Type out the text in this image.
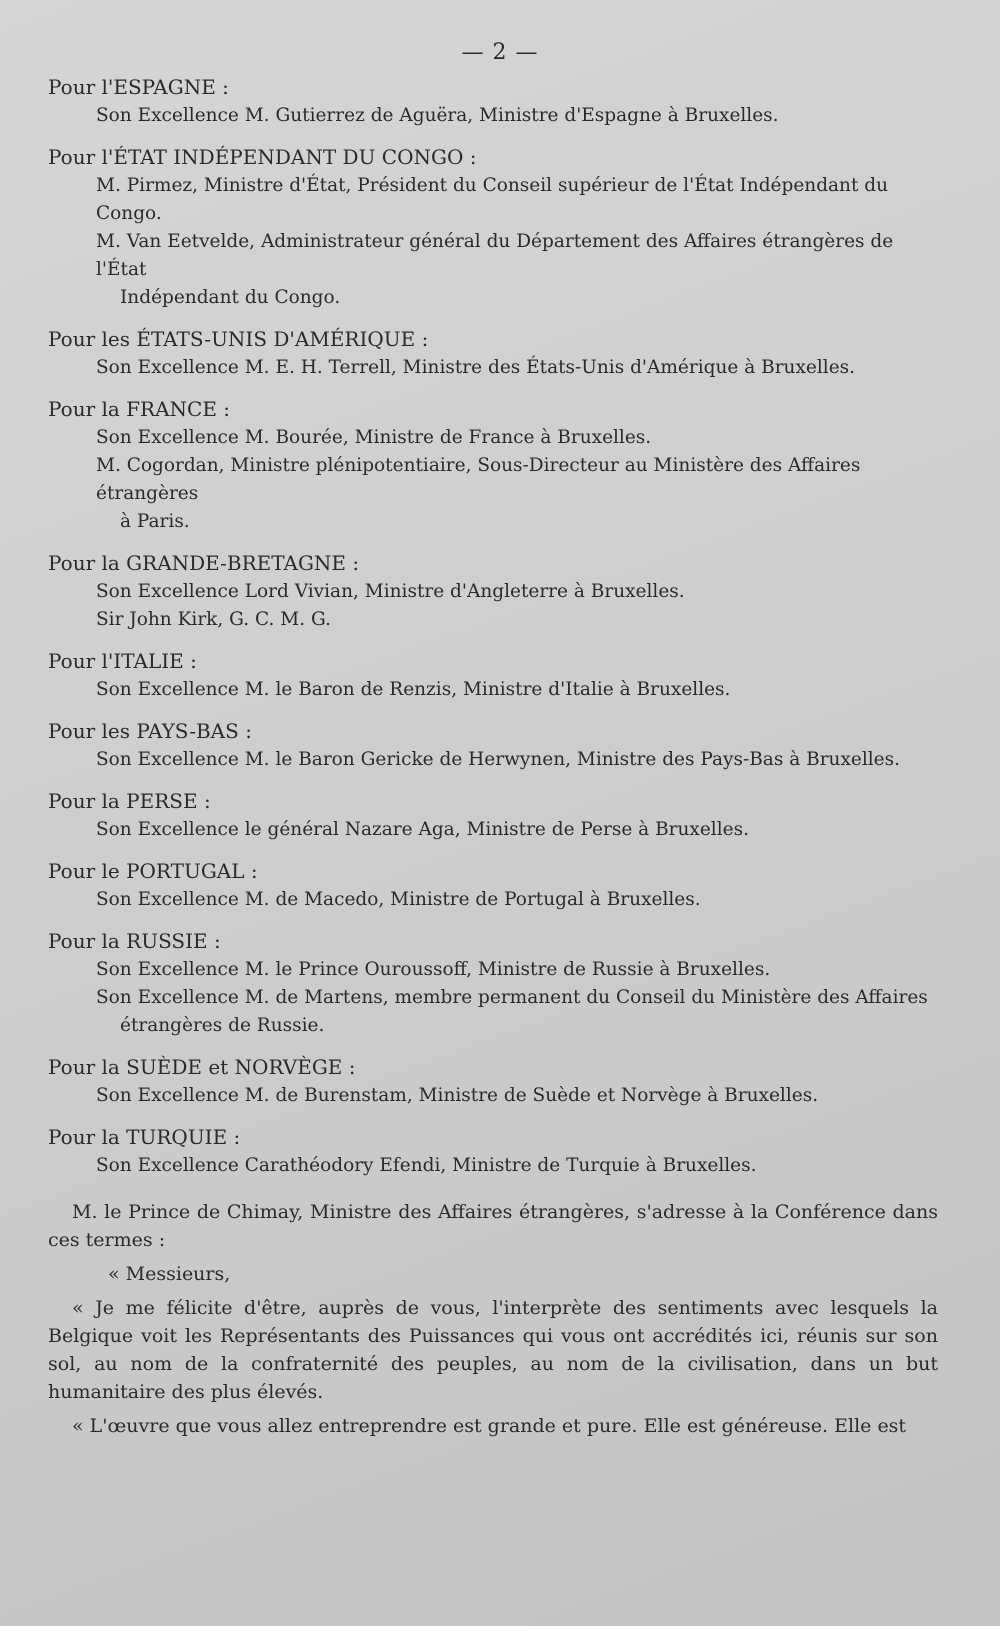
— 2 —
Pour l'ESPAGNE :
Son Excellence M. Gutierrez de Aguëra, Ministre d'Espagne à Bruxelles.
Pour l'ÉTAT INDÉPENDANT DU CONGO :
M. Pirmez, Ministre d'État, Président du Conseil supérieur de l'État Indépendant du Congo.
M. Van Eetvelde, Administrateur général du Département des Affaires étrangères de l'État
Indépendant du Congo.
Pour les ÉTATS-UNIS D'AMÉRIQUE :
Son Excellence M. E. H. Terrell, Ministre des États-Unis d'Amérique à Bruxelles.
Pour la FRANCE :
Son Excellence M. Bourée, Ministre de France à Bruxelles.
M. Cogordan, Ministre plénipotentiaire, Sous-Directeur au Ministère des Affaires étrangères
à Paris.
Pour la GRANDE-BRETAGNE :
Son Excellence Lord Vivian, Ministre d'Angleterre à Bruxelles.
Sir John Kirk, G. C. M. G.
Pour l'ITALIE :
Son Excellence M. le Baron de Renzis, Ministre d'Italie à Bruxelles.
Pour les PAYS-BAS :
Son Excellence M. le Baron Gericke de Herwynen, Ministre des Pays-Bas à Bruxelles.
Pour la PERSE :
Son Excellence le général Nazare Aga, Ministre de Perse à Bruxelles.
Pour le PORTUGAL :
Son Excellence M. de Macedo, Ministre de Portugal à Bruxelles.
Pour la RUSSIE :
Son Excellence M. le Prince Ouroussoff, Ministre de Russie à Bruxelles.
Son Excellence M. de Martens, membre permanent du Conseil du Ministère des Affaires
étrangères de Russie.
Pour la SUÈDE et NORVÈGE :
Son Excellence M. de Burenstam, Ministre de Suède et Norvège à Bruxelles.
Pour la TURQUIE :
Son Excellence Carathéodory Efendi, Ministre de Turquie à Bruxelles.

M. le Prince de Chimay, Ministre des Affaires étrangères, s'adresse à la Conférence dans ces termes :

« Messieurs,

« Je me félicite d'être, auprès de vous, l'interprète des sentiments avec lesquels la Belgique voit les Représentants des Puissances qui vous ont accrédités ici, réunis sur son sol, au nom de la confraternité des peuples, au nom de la civilisation, dans un but humanitaire des plus élevés.

« L'œuvre que vous allez entreprendre est grande et pure. Elle est généreuse. Elle est
